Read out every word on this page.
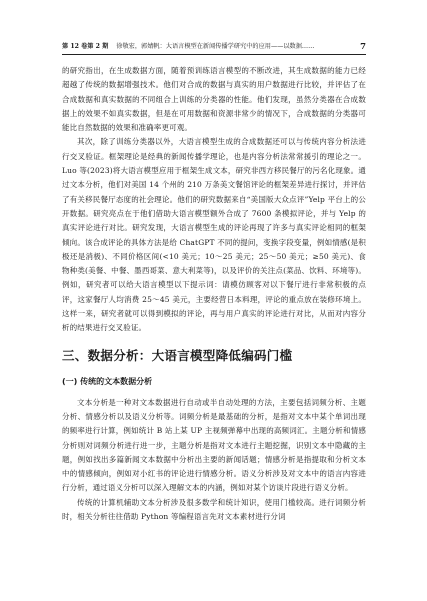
第 12 卷第 2 期 徐敬宏，郭婧帆：大语言模型在新闻传播学研究中的应用——以数据……	7

的研究指出，在生成数据方面，随着预训练语言模型的不断改进，其生成数据的能力已经超越了传统的数据增强技术。他们对合成的数据与真实的用户数据进行比较，并评估了在合成数据和真实数据的不同组合上训练的分类器的性能。他们发现，虽然分类器在合成数据上的效果不如真实数据，但是在可用数据和资源非常少的情况下，合成数据的分类器可能比自然数据的效果和准确率更可观。

其次，除了训练分类器以外，大语言模型生成的合成数据还可以与传统内容分析法进行交叉验证。框架理论是经典的新闻传播学理论，也是内容分析法常常援引的理论之一。Luo 等(2023)将大语言模型应用于框架生成文本，研究非西方移民餐厅的污名化现象。通过文本分析，他们对美国 14 个州的 210 万条美文餐馆评论的框架差异进行探讨，并评估了有关移民餐厅态度的社会理论。他们的研究数据来自“美国版大众点评”Yelp 平台上的公开数据。研究亮点在于他们借助大语言模型额外合成了 7600 条模拟评论，并与 Yelp 的真实评论进行对比。研究发现，大语言模型生成的评论再现了许多与真实评论相同的框架倾向。该合成评论的具体方法是给 ChatGPT 不同的提问，变换字段变量，例如情感(是积极还是消极)、不同价格区间(<10 美元；10～25 美元；25～50 美元；≥50 美元)、食物种类(美餐、中餐、墨西哥菜、意大利菜等)，以及评价的关注点(菜品、饮料、环境等)。例如，研究者可以给大语言模型以下提示词：请模仿顾客对以下餐厅进行非常积极的点评，这家餐厅人均消费 25～45 美元，主要经营日本料理，评论的重点放在装修环境上。这样一来，研究者就可以得到模拟的评论，再与用户真实的评论进行对比，从而对内容分析的结果进行交叉验证。

三、数据分析：大语言模型降低编码门槛
(一) 传统的文本数据分析

文本分析是一种对文本数据进行自动或半自动处理的方法，主要包括词频分析、主题分析、情感分析以及语义分析等。词频分析是最基础的分析，是指对文本中某个单词出现的频率进行计算，例如统计 B 站上某 UP 主视频弹幕中出现的高频词汇。主题分析和情感分析则对词频分析进行进一步，主题分析是指对文本进行主题挖掘，识别文本中隐藏的主题，例如找出多篇新闻文本数据中分析出主要的新闻话题；情感分析是指提取和分析文本中的情感倾向，例如对小红书的评论进行情感分析。语义分析涉及对文本中的语言内容进行分析，通过语义分析可以深入理解文本的内涵，例如对某个访谈片段进行语义分析。

传统的计算机辅助文本分析涉及很多数学和统计知识，使用门槛较高。进行词频分析时，相关分析往往借助 Python 等编程语言先对文本素材进行分词
